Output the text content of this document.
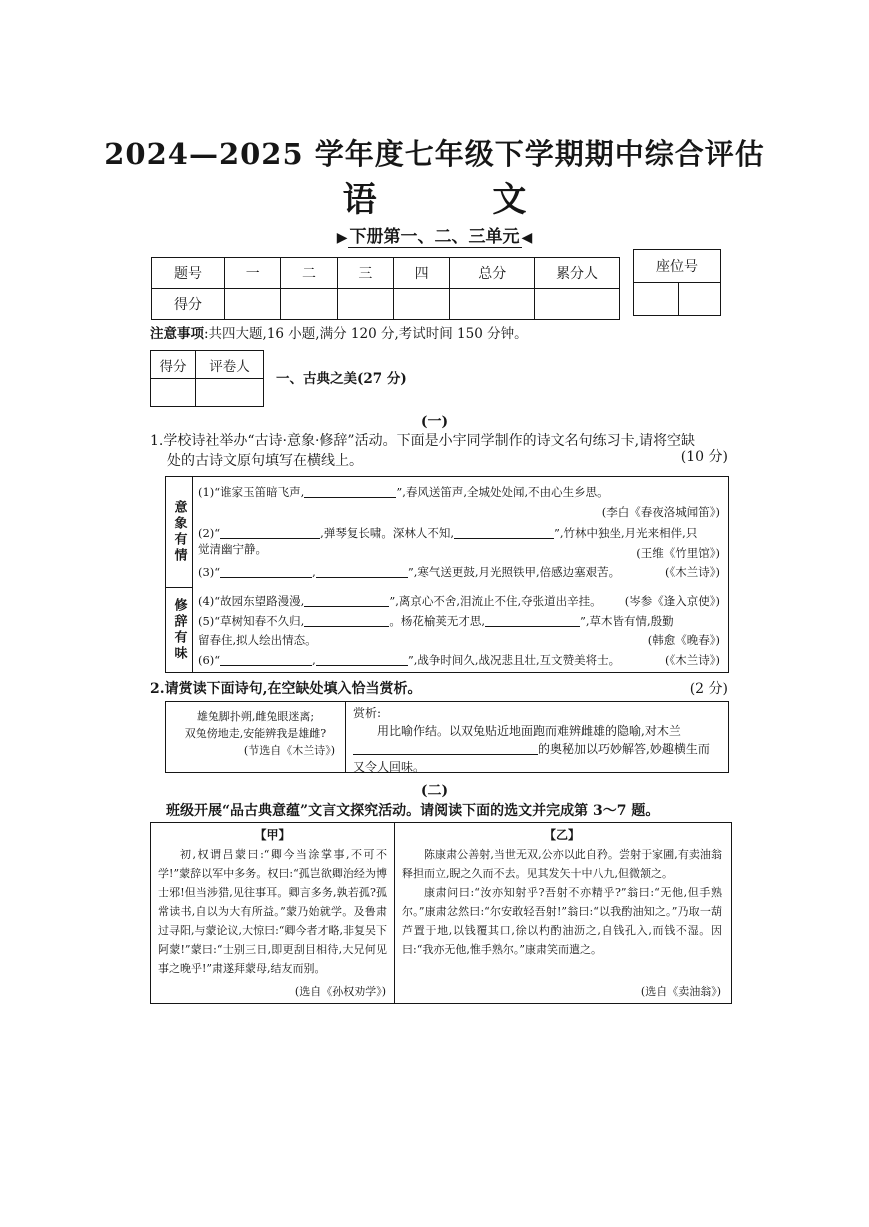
2024—2025 学年度七年级下学期期中综合评估
语 文
▶ 下册第一、二、三单元 ◀
题号	一	二	三	四	总分	累分人
得分						
座位号

注意事项:共四大题,16 小题,满分 120 分,考试时间 150 分钟。
得分	评卷人

一、古典之美(27 分)
(一)
1.学校诗社举办“古诗·意象·修辞”活动。下面是小宇同学制作的诗文名句练习卡,请将空缺
处的古诗文原句填写在横线上。	(10 分)
意象有情
修辞有味
(1)“谁家玉笛暗飞声,	”,春风送笛声,全城处处闻,不由心生乡思。
(李白《春夜洛城闻笛》)
(2)“	,弹琴复长啸。深林人不知,	”,竹林中独坐,月光来相伴,只
觉清幽宁静。	(王维《竹里馆》)
(3)“	,	”,寒气送更鼓,月光照铁甲,倍感边塞艰苦。	(《木兰诗》)
(4)“故园东望路漫漫,	”,离京心不舍,泪流止不住,夺张道出辛挂。	(岑参《逢入京使》)
(5)“草树知春不久归,	。杨花榆荚无才思,	”,草木皆有情,殷勤
留春住,拟人绘出情态。	(韩愈《晚春》)
(6)“	,	”,战争时间久,战况悲且壮,互文赞美将士。	(《木兰诗》)
2.请赏读下面诗句,在空缺处填入恰当赏析。	(2 分)
雄兔脚扑朔,雌兔眼迷离;
双兔傍地走,安能辨我是雄雌?
(节选自《木兰诗》)
赏析:
用比喻作结。以双兔贴近地面跑而难辨雌雄的隐喻,对木兰
的奥秘加以巧妙解答,妙趣横生而
又令人回味。
(二)
班级开展“品古典意蕴”文言文探究活动。请阅读下面的选文并完成第 3～7 题。
【甲】
初,权谓吕蒙曰:“卿今当涂掌事,不可不学!”蒙辞以军中多务。权曰:“孤岂欲卿治经为博士邪!但当涉猎,见往事耳。卿言多务,孰若孤?孤常读书,自以为大有所益。”蒙乃始就学。及鲁肃过寻阳,与蒙论议,大惊曰:“卿今者才略,非复吴下阿蒙!”蒙曰:“士别三日,即更刮目相待,大兄何见事之晚乎!”肃遂拜蒙母,结友而别。
(选自《孙权劝学》)
【乙】
陈康肃公善射,当世无双,公亦以此自矜。尝射于家圃,有卖油翁释担而立,睨之久而不去。见其发矢十中八九,但微颔之。
康肃问曰:“汝亦知射乎?吾射不亦精乎?”翁曰:“无他,但手熟尔。”康肃忿然曰:“尔安敢轻吾射!”翁曰:“以我酌油知之。”乃取一葫芦置于地,以钱覆其口,徐以杓酌油沥之,自钱孔入,而钱不湿。因曰:“我亦无他,惟手熟尔。”康肃笑而遣之。
(选自《卖油翁》)
